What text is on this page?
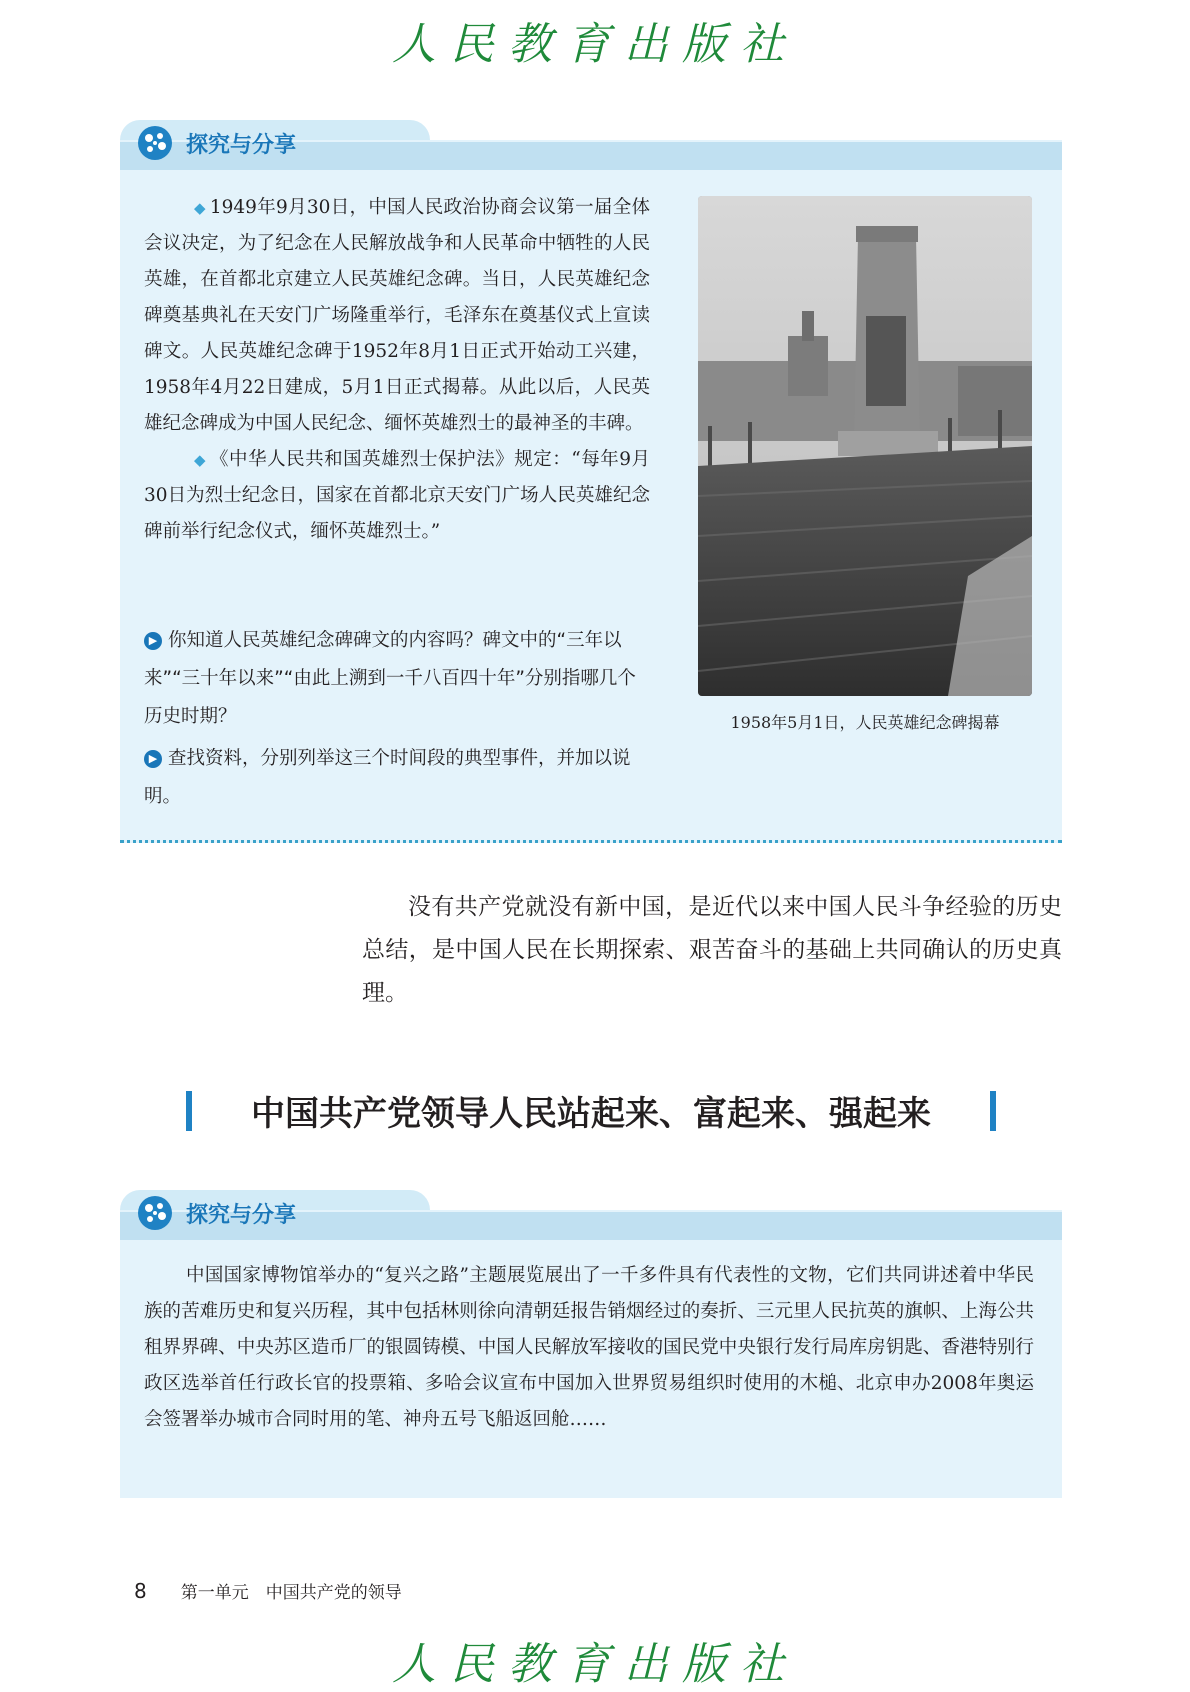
人民教育出版社
探究与分享
◆ 1949年9月30日，中国人民政治协商会议第一届全体会议决定，为了纪念在人民解放战争和人民革命中牺牲的人民英雄，在首都北京建立人民英雄纪念碑。当日，人民英雄纪念碑奠基典礼在天安门广场隆重举行，毛泽东在奠基仪式上宣读碑文。人民英雄纪念碑于1952年8月1日正式开始动工兴建，1958年4月22日建成，5月1日正式揭幕。从此以后，人民英雄纪念碑成为中国人民纪念、缅怀英雄烈士的最神圣的丰碑。
◆ 《中华人民共和国英雄烈士保护法》规定：“每年9月30日为烈士纪念日，国家在首都北京天安门广场人民英雄纪念碑前举行纪念仪式，缅怀英雄烈士。”
▶ 你知道人民英雄纪念碑碑文的内容吗？碑文中的“三年以来”“三十年以来”“由此上溯到一千八百四十年”分别指哪几个历史时期？
▶ 查找资料，分别列举这三个时间段的典型事件，并加以说明。
1958年5月1日，人民英雄纪念碑揭幕
没有共产党就没有新中国，是近代以来中国人民斗争经验的历史总结，是中国人民在长期探索、艰苦奋斗的基础上共同确认的历史真理。
中国共产党领导人民站起来、富起来、强起来
探究与分享
中国国家博物馆举办的“复兴之路”主题展览展出了一千多件具有代表性的文物，它们共同讲述着中华民族的苦难历史和复兴历程，其中包括林则徐向清朝廷报告销烟经过的奏折、三元里人民抗英的旗帜、上海公共租界界碑、中央苏区造币厂的银圆铸模、中国人民解放军接收的国民党中央银行发行局库房钥匙、香港特别行政区选举首任行政长官的投票箱、多哈会议宣布中国加入世界贸易组织时使用的木槌、北京申办2008年奥运会签署举办城市合同时用的笔、神舟五号飞船返回舱……
8 第一单元　中国共产党的领导
人民教育出版社
